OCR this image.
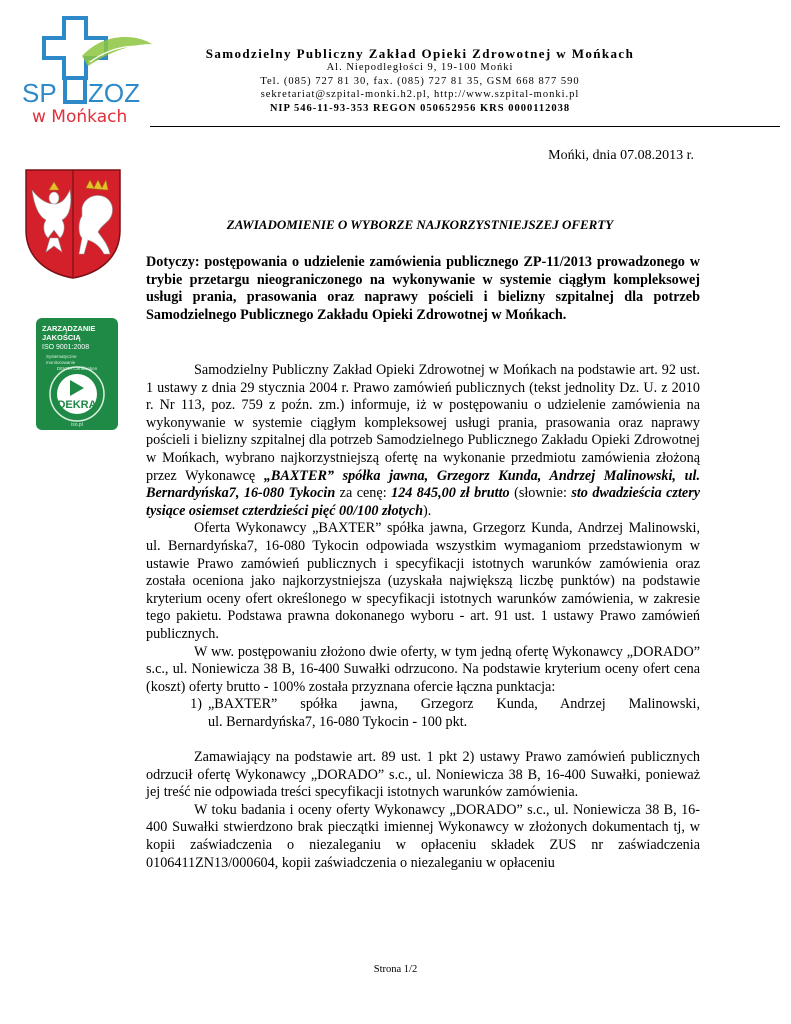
SP ZOZ
w Mońkach
Samodzielny Publiczny Zakład Opieki Zdrowotnej w Mońkach
Al. Niepodległości 9, 19-100 Mońki
Tel. (085) 727 81 30, fax. (085) 727 81 35, GSM 668 877 590
sekretariat@szpital-monki.h2.pl, http://www.szpital-monki.pl
NIP 546-11-93-353 REGON 050652956 KRS 0000112038
ZARZĄDZANIE
JAKOŚCIĄ
ISO 9001:2008
Systematyczne
monitorowanie
DEKRA
DEKRA Certification
iso.pl
Mońki, dnia 07.08.2013 r.
ZAWIADOMIENIE O WYBORZE NAJKORZYSTNIEJSZEJ OFERTY
Dotyczy: postępowania o udzielenie zamówienia publicznego ZP-11/2013 prowadzonego w trybie przetargu nieograniczonego na wykonywanie w systemie ciągłym kompleksowej usługi prania, prasowania oraz naprawy pościeli i bielizny szpitalnej dla potrzeb Samodzielnego Publicznego Zakładu Opieki Zdrowotnej w Mońkach.

Samodzielny Publiczny Zakład Opieki Zdrowotnej w Mońkach na podstawie art. 92 ust. 1 ustawy z dnia 29 stycznia 2004 r. Prawo zamówień publicznych (tekst jednolity Dz. U. z 2010 r. Nr 113, poz. 759 z poźn. zm.) informuje, iż w postępowaniu o udzielenie zamówienia na wykonywanie w systemie ciągłym kompleksowej usługi prania, prasowania oraz naprawy pościeli i bielizny szpitalnej dla potrzeb Samodzielnego Publicznego Zakładu Opieki Zdrowotnej w Mońkach, wybrano najkorzystniejszą ofertę na wykonanie przedmiotu zamówienia złożoną przez Wykonawcę „BAXTER” spółka jawna, Grzegorz Kunda, Andrzej Malinowski, ul. Bernardyńska7, 16-080 Tykocin za cenę: 124 845,00 zł brutto (słownie: sto dwadzieścia cztery tysiące osiemset czterdzieści pięć 00/100 złotych).

Oferta Wykonawcy „BAXTER” spółka jawna, Grzegorz Kunda, Andrzej Malinowski, ul. Bernardyńska7, 16-080 Tykocin odpowiada wszystkim wymaganiom przedstawionym w ustawie Prawo zamówień publicznych i specyfikacji istotnych warunków zamówienia oraz została oceniona jako najkorzystniejsza (uzyskała największą liczbę punktów) na podstawie kryterium oceny ofert określonego w specyfikacji istotnych warunków zamówienia, w zakresie tego pakietu. Podstawa prawna dokonanego wyboru - art. 91 ust. 1 ustawy Prawo zamówień publicznych.

W ww. postępowaniu złożono dwie oferty, w tym jedną ofertę Wykonawcy „DORADO” s.c., ul. Noniewicza 38 B, 16-400 Suwałki odrzucono. Na podstawie kryterium oceny ofert cena (koszt) oferty brutto - 100% została przyznana ofercie łączna punktacja:

1) „BAXTER” spółka jawna, Grzegorz Kunda, Andrzej Malinowski,
ul. Bernardyńska7, 16-080 Tykocin - 100 pkt.

Zamawiający na podstawie art. 89 ust. 1 pkt 2) ustawy Prawo zamówień publicznych odrzucił ofertę Wykonawcy „DORADO” s.c., ul. Noniewicza 38 B, 16-400 Suwałki, ponieważ jej treść nie odpowiada treści specyfikacji istotnych warunków zamówienia.

W toku badania i oceny oferty Wykonawcy „DORADO” s.c., ul. Noniewicza 38 B, 16-400 Suwałki stwierdzono brak pieczątki imiennej Wykonawcy w złożonych dokumentach tj, w kopii zaświadczenia o niezaleganiu w opłaceniu składek ZUS nr zaświadczenia 0106411ZN13/000604, kopii zaświadczenia o niezaleganiu w opłaceniu

Strona 1/2
